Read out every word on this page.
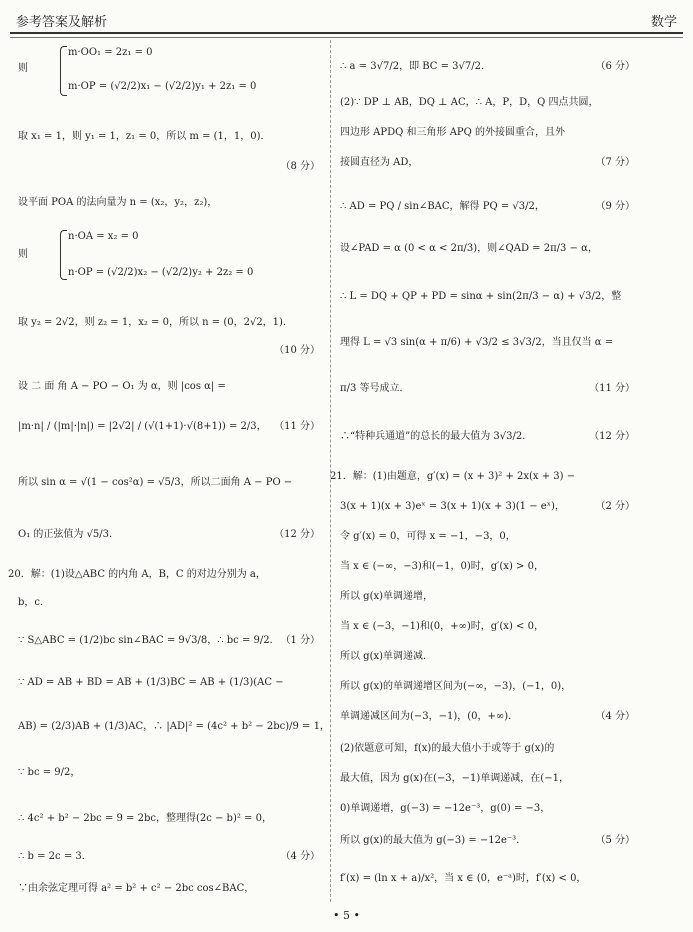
参考答案及解析	数学
m·OO₁ = 2z₁ = 0
则
m·OP = (√2/2)x₁ − (√2/2)y₁ + 2z₁ = 0
取 x₁ = 1，则 y₁ = 1，z₁ = 0，所以 m = (1，1，0)．
（8 分）
设平面 POA 的法向量为 n = (x₂，y₂，z₂)，
n·OA = x₂ = 0
则
n·OP = (√2/2)x₂ − (√2/2)y₂ + 2z₂ = 0
取 y₂ = 2√2，则 z₂ = 1，x₂ = 0，所以 n = (0，2√2，1)．
（10 分）
设 二 面 角 A − PO − O₁ 为 α，则 |cos α| =
|m·n| / (|m|·|n|) = |2√2| / (√(1+1)·√(8+1)) = 2/3， （11 分）
所以 sin α = √(1 − cos²α) = √5/3，所以二面角 A − PO −
O₁ 的正弦值为 √5/3．	（12 分）
20．解：(1)设△ABC 的内角 A，B，C 的对边分别为 a，
b，c．
∵ S△ABC = (1/2)bc sin∠BAC = 9√3/8，∴ bc = 9/2． （1 分）
∵ AD = AB + BD = AB + (1/3)BC = AB + (1/3)(AC −
AB) = (2/3)AB + (1/3)AC，∴ |AD|² = (4c² + b² − 2bc)/9 = 1，
∵ bc = 9/2，
∴ 4c² + b² − 2bc = 9 = 2bc，整理得(2c − b)² = 0，
∴ b = 2c = 3．	（4 分）
∵由余弦定理可得 a² = b² + c² − 2bc cos∠BAC，
∴ a = 3√7/2，即 BC = 3√7/2．	（6 分）
(2)∵ DP ⊥ AB，DQ ⊥ AC，∴ A，P，D，Q 四点共圆，
四边形 APDQ 和三角形 APQ 的外接圆重合，且外
接圆直径为 AD，	（7 分）
∴ AD = PQ / sin∠BAC，解得 PQ = √3/2，	（9 分）
设∠PAD = α (0 < α < 2π/3)，则∠QAD = 2π/3 − α，
∴ L = DQ + QP + PD = sinα + sin(2π/3 − α) + √3/2，整
理得 L = √3 sin(α + π/6) + √3/2 ≤ 3√3/2，当且仅当 α =
π/3 等号成立．	（11 分）
∴“特种兵通道”的总长的最大值为 3√3/2．	（12 分）
21．解：(1)由题意，g′(x) = (x + 3)² + 2x(x + 3) −
3(x + 1)(x + 3)eˣ = 3(x + 1)(x + 3)(1 − eˣ)，	（2 分）
令 g′(x) = 0，可得 x = −1，−3，0，
当 x ∈ (−∞，−3)和(−1，0)时，g′(x) > 0，
所以 g(x)单调递增，
当 x ∈ (−3，−1)和(0，+∞)时，g′(x) < 0，
所以 g(x)单调递减．
所以 g(x)的单调递增区间为(−∞，−3)，(−1，0)，
单调递减区间为(−3，−1)，(0，+∞)．	（4 分）
(2)依题意可知，f(x)的最大值小于或等于 g(x)的
最大值，因为 g(x)在(−3，−1)单调递减，在(−1，
0)单调递增，g(−3) = −12e⁻³，g(0) = −3，
所以 g(x)的最大值为 g(−3) = −12e⁻³．	（5 分）
f′(x) = (ln x + a)/x²，当 x ∈ (0，e⁻ᵃ)时，f′(x) < 0，
• 5 •
